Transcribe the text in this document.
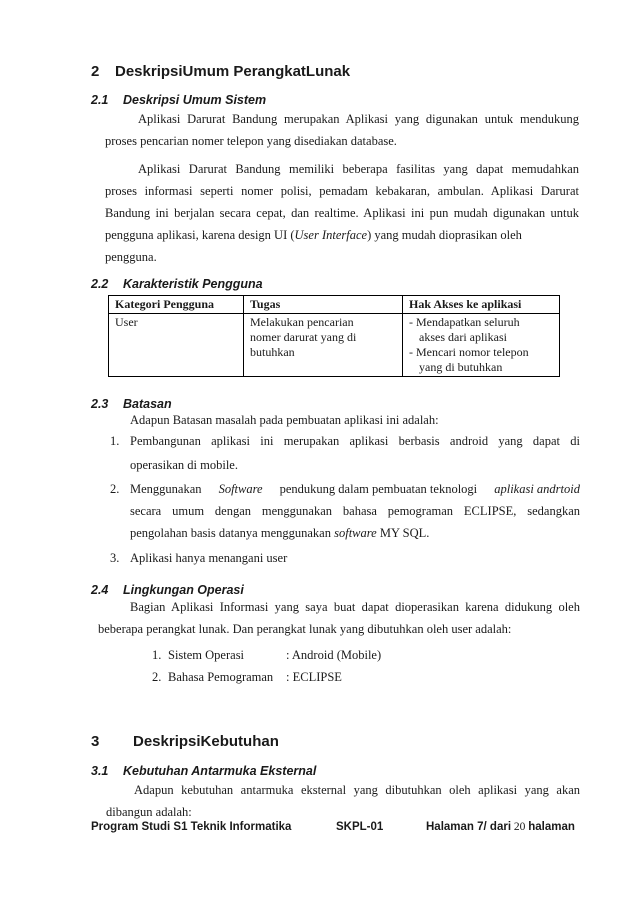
2 DeskripsiUmum PerangkatLunak
2.1 Deskripsi Umum Sistem
Aplikasi Darurat Bandung merupakan Aplikasi yang digunakan untuk mendukung
proses pencarian nomer telepon yang disediakan database.
Aplikasi Darurat Bandung memiliki beberapa fasilitas yang dapat memudahkan
proses informasi seperti nomer polisi, pemadam kebakaran, ambulan. Aplikasi Darurat
Bandung ini berjalan secara cepat, dan realtime. Aplikasi ini pun mudah digunakan untuk
pengguna aplikasi, karena design UI (User Interface) yang mudah dioprasikan oleh
pengguna.
2.2 Karakteristik Pengguna
Kategori Pengguna	Tugas	Hak Akses ke aplikasi
User	Melakukan pencarian
nomer darurat yang di
butuhkan	- Mendapatkan seluruh
akses dari aplikasi
- Mencari nomor telepon
yang di butuhkan
2.3 Batasan
Adapun Batasan masalah pada pembuatan aplikasi ini adalah:
1. Pembangunan aplikasi ini merupakan aplikasi berbasis android yang dapat di
operasikan di mobile.
2. Menggunakan Software pendukung dalam pembuatan teknologi aplikasi andrtoid
secara umum dengan menggunakan bahasa pemograman ECLIPSE, sedangkan
pengolahan basis datanya menggunakan software MY SQL.
3. Aplikasi hanya menangani user
2.4 Lingkungan Operasi
Bagian Aplikasi Informasi yang saya buat dapat dioperasikan karena didukung oleh
beberapa perangkat lunak. Dan perangkat lunak yang dibutuhkan oleh user adalah:
1. Sistem Operasi	: Android (Mobile)
2. Bahasa Pemograman	: ECLIPSE
3 DeskripsiKebutuhan
3.1 Kebutuhan Antarmuka Eksternal
Adapun kebutuhan antarmuka eksternal yang dibutuhkan oleh aplikasi yang akan
dibangun adalah:
Program Studi S1 Teknik Informatika	SKPL-01	Halaman 7/ dari 20 halaman
